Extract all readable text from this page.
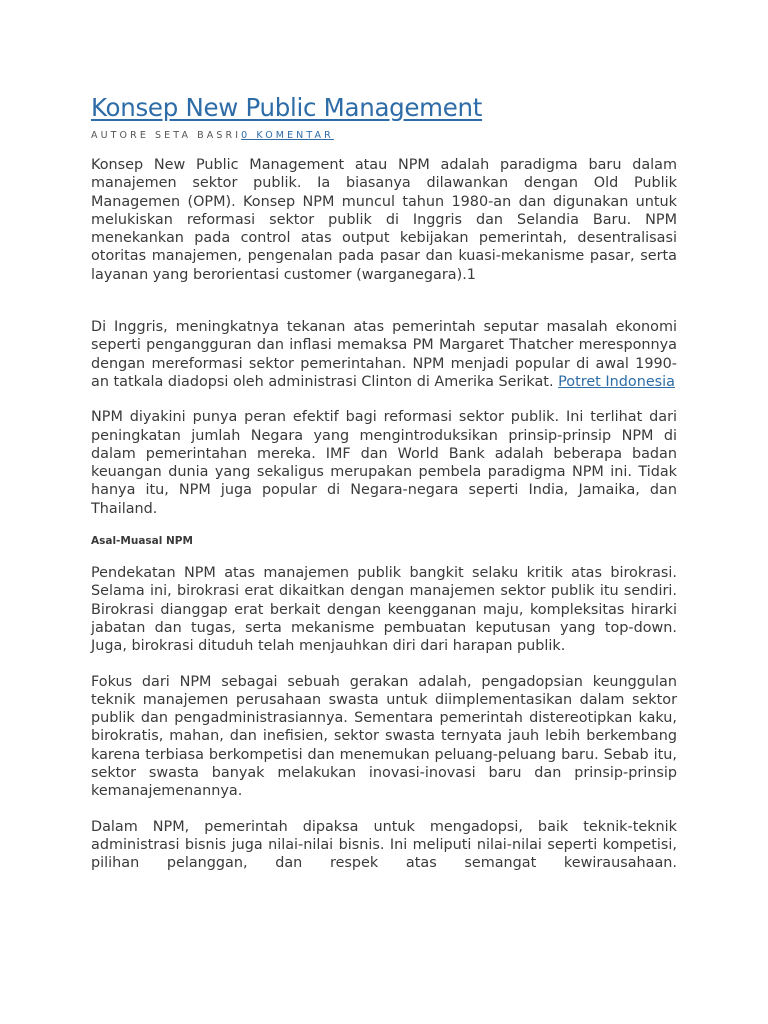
Konsep New Public Management
AUTORE SETA BASRI0 KOMENTAR

Konsep New Public Management atau NPM adalah paradigma baru dalam manajemen sektor publik. Ia biasanya dilawankan dengan Old Publik Managemen (OPM). Konsep NPM muncul tahun 1980-an dan digunakan untuk melukiskan reformasi sektor publik di Inggris dan Selandia Baru. NPM menekankan pada control atas output kebijakan pemerintah, desentralisasi otoritas manajemen, pengenalan pada pasar dan kuasi-mekanisme pasar, serta layanan yang berorientasi customer (warganegara).1

Di Inggris, meningkatnya tekanan atas pemerintah seputar masalah ekonomi seperti pengangguran dan inflasi memaksa PM Margaret Thatcher meresponnya dengan mereformasi sektor pemerintahan. NPM menjadi popular di awal 1990-an tatkala diadopsi oleh administrasi Clinton di Amerika Serikat. Potret Indonesia

NPM diyakini punya peran efektif bagi reformasi sektor publik. Ini terlihat dari peningkatan jumlah Negara yang mengintroduksikan prinsip-prinsip NPM di dalam pemerintahan mereka. IMF dan World Bank adalah beberapa badan keuangan dunia yang sekaligus merupakan pembela paradigma NPM ini. Tidak hanya itu, NPM juga popular di Negara-negara seperti India, Jamaika, dan Thailand.

Asal-Muasal NPM

Pendekatan NPM atas manajemen publik bangkit selaku kritik atas birokrasi. Selama ini, birokrasi erat dikaitkan dengan manajemen sektor publik itu sendiri. Birokrasi dianggap erat berkait dengan keengganan maju, kompleksitas hirarki jabatan dan tugas, serta mekanisme pembuatan keputusan yang top-down. Juga, birokrasi dituduh telah menjauhkan diri dari harapan publik.

Fokus dari NPM sebagai sebuah gerakan adalah, pengadopsian keunggulan teknik manajemen perusahaan swasta untuk diimplementasikan dalam sektor publik dan pengadministrasiannya. Sementara pemerintah distereotipkan kaku, birokratis, mahan, dan inefisien, sektor swasta ternyata jauh lebih berkembang karena terbiasa berkompetisi dan menemukan peluang-peluang baru. Sebab itu, sektor swasta banyak melakukan inovasi-inovasi baru dan prinsip-prinsip kemanajemenannya.

Dalam NPM, pemerintah dipaksa untuk mengadopsi, baik teknik-teknik administrasi bisnis juga nilai-nilai bisnis. Ini meliputi nilai-nilai seperti kompetisi, pilihan pelanggan, dan respek atas semangat kewirausahaan.
